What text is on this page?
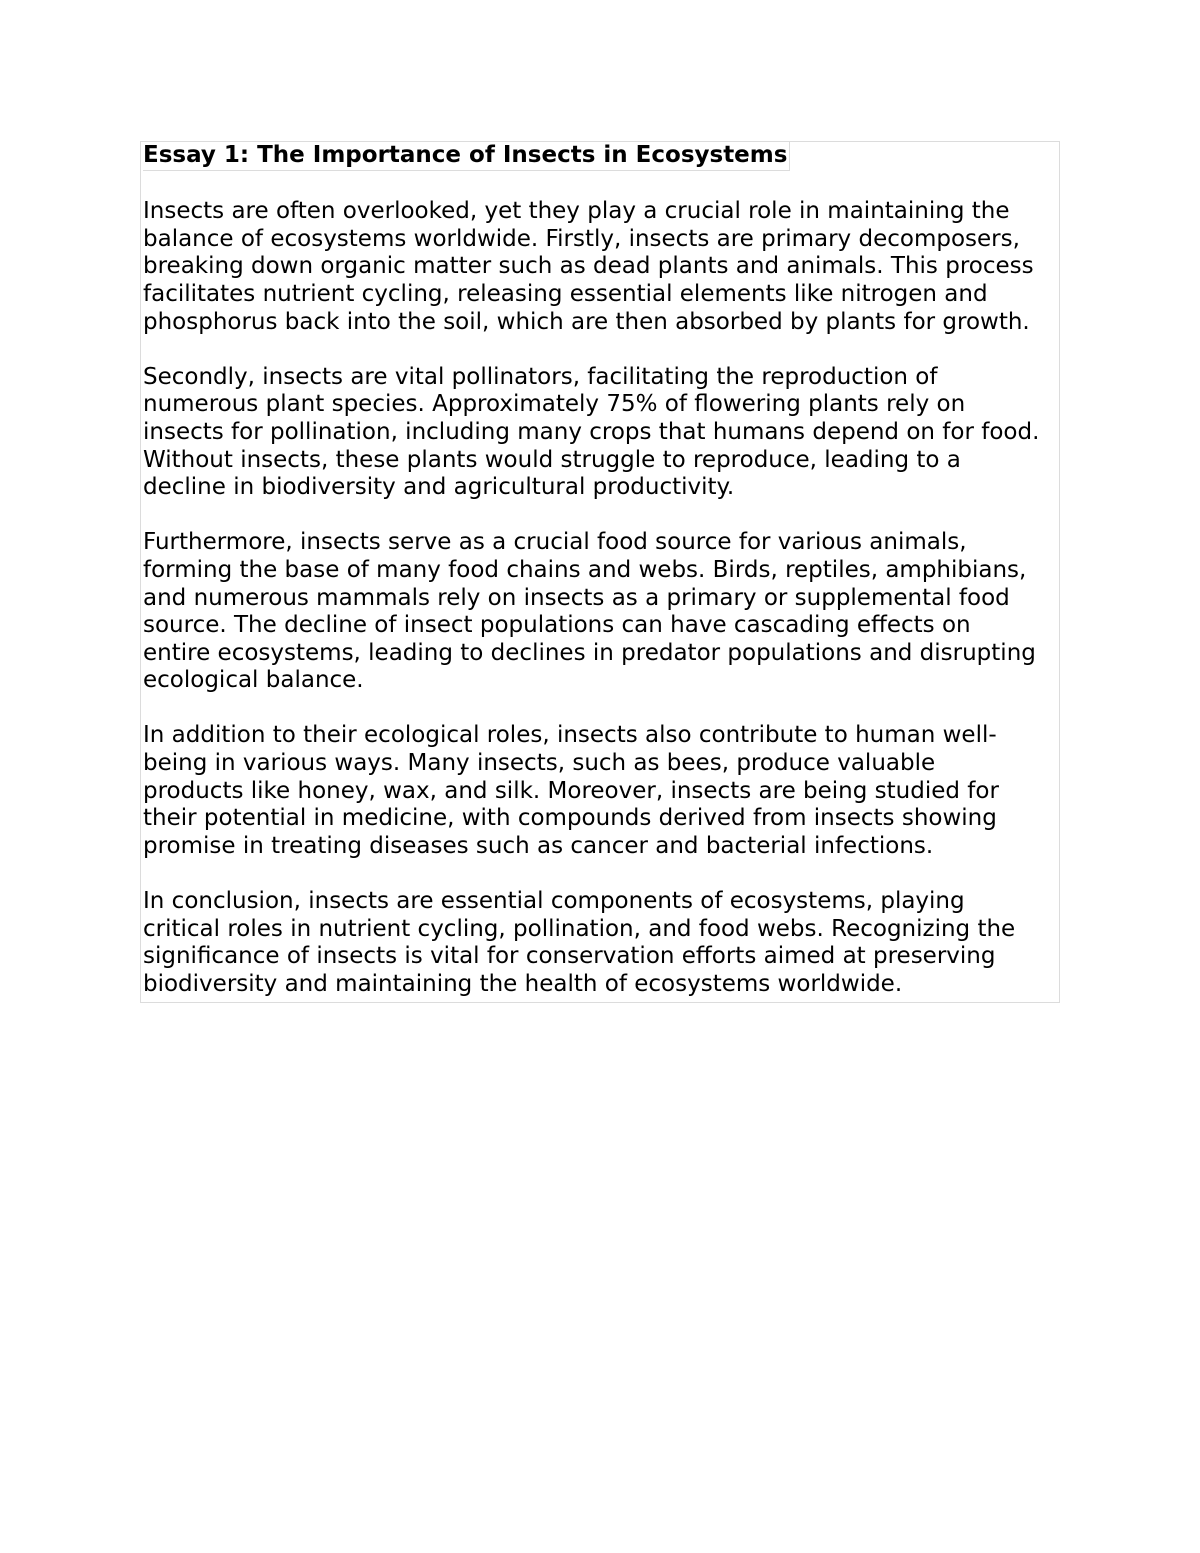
Essay 1: The Importance of Insects in Ecosystems
Insects are often overlooked, yet they play a crucial role in maintaining the
balance of ecosystems worldwide. Firstly, insects are primary decomposers,
breaking down organic matter such as dead plants and animals. This process
facilitates nutrient cycling, releasing essential elements like nitrogen and
phosphorus back into the soil, which are then absorbed by plants for growth.
Secondly, insects are vital pollinators, facilitating the reproduction of
numerous plant species. Approximately 75% of flowering plants rely on
insects for pollination, including many crops that humans depend on for food.
Without insects, these plants would struggle to reproduce, leading to a
decline in biodiversity and agricultural productivity.
Furthermore, insects serve as a crucial food source for various animals,
forming the base of many food chains and webs. Birds, reptiles, amphibians,
and numerous mammals rely on insects as a primary or supplemental food
source. The decline of insect populations can have cascading effects on
entire ecosystems, leading to declines in predator populations and disrupting
ecological balance.
In addition to their ecological roles, insects also contribute to human well-
being in various ways. Many insects, such as bees, produce valuable
products like honey, wax, and silk. Moreover, insects are being studied for
their potential in medicine, with compounds derived from insects showing
promise in treating diseases such as cancer and bacterial infections.
In conclusion, insects are essential components of ecosystems, playing
critical roles in nutrient cycling, pollination, and food webs. Recognizing the
significance of insects is vital for conservation efforts aimed at preserving
biodiversity and maintaining the health of ecosystems worldwide.
